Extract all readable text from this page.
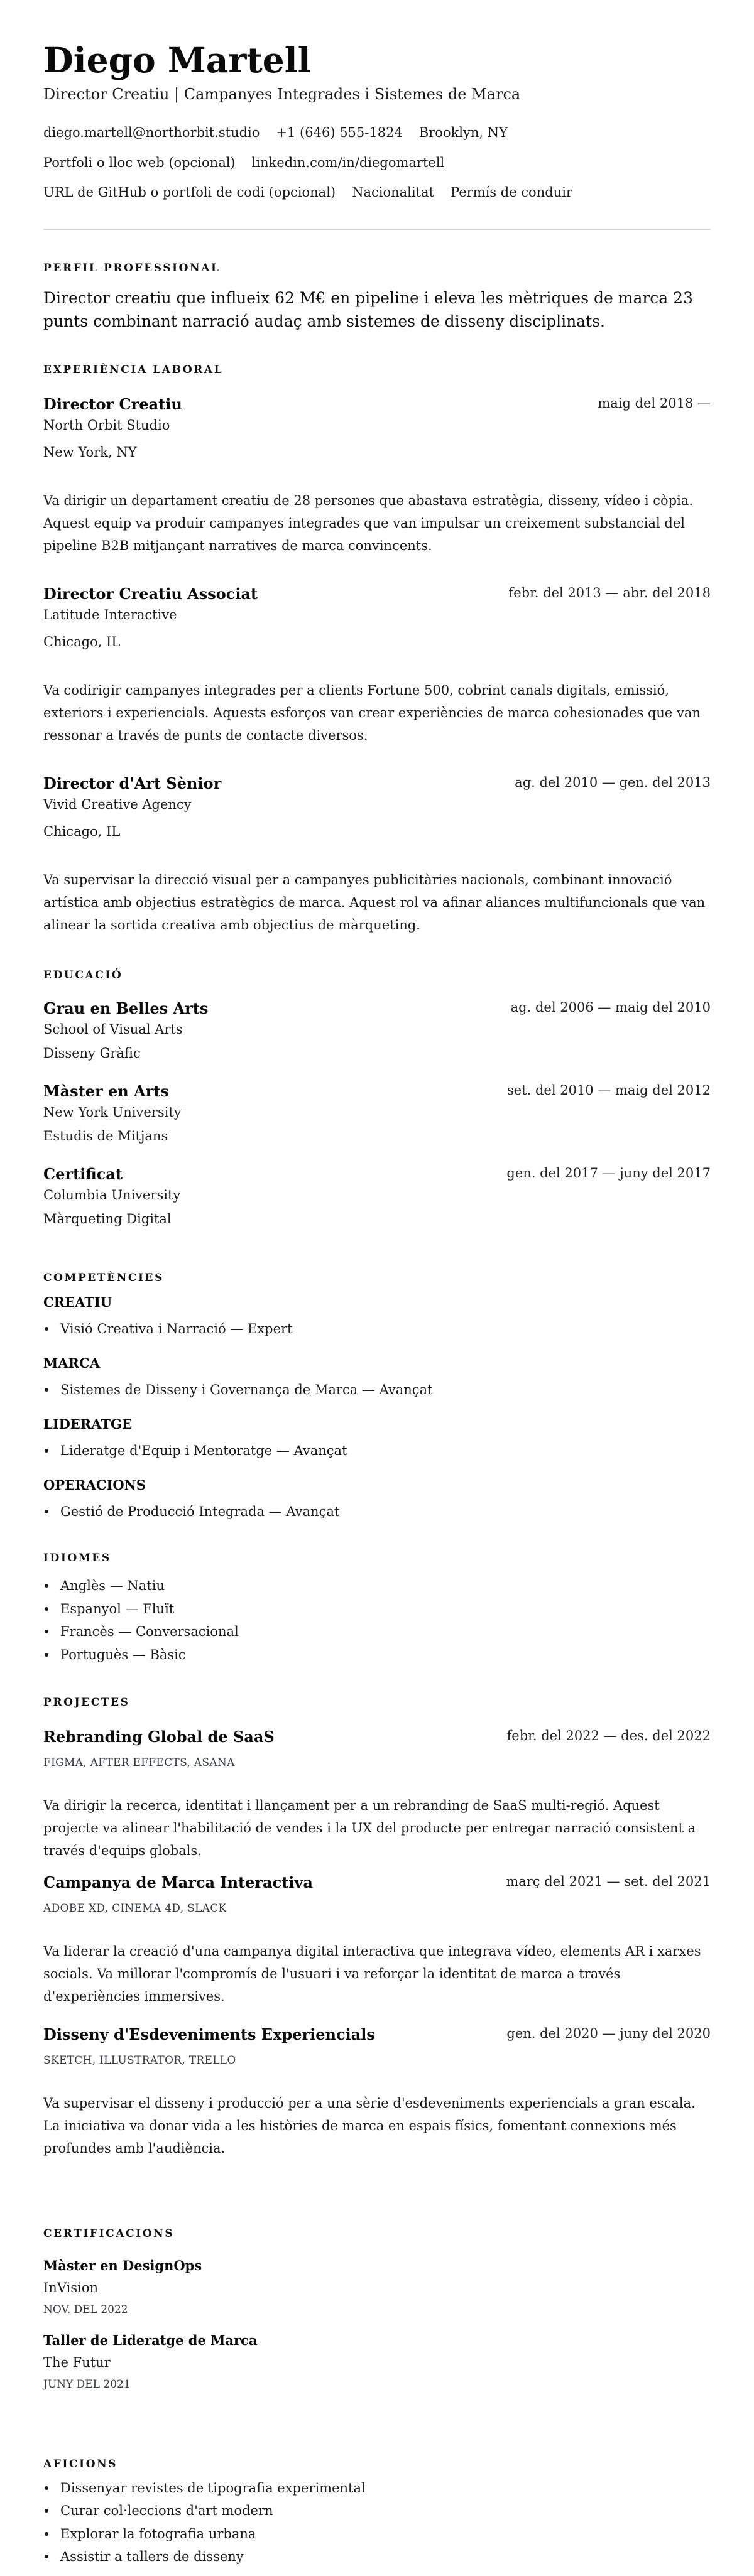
Diego Martell
Director Creatiu | Campanyes Integrades i Sistemes de Marca
diego.martell@northorbit.studio +1 (646) 555-1824 Brooklyn, NY
Portfoli o lloc web (opcional) linkedin.com/in/diegomartell
URL de GitHub o portfoli de codi (opcional) Nacionalitat Permís de conduir
PERFIL PROFESSIONAL
Director creatiu que influeix 62 M€ en pipeline i eleva les mètriques de marca 23 punts combinant narració audaç amb sistemes de disseny disciplinats.
EXPERIÈNCIA LABORAL
Director Creatiu	maig del 2018 —
North Orbit Studio
New York, NY
Va dirigir un departament creatiu de 28 persones que abastava estratègia, disseny, vídeo i còpia. Aquest equip va produir campanyes integrades que van impulsar un creixement substancial del pipeline B2B mitjançant narratives de marca convincents.
Director Creatiu Associat	febr. del 2013 — abr. del 2018
Latitude Interactive
Chicago, IL
Va codirigir campanyes integrades per a clients Fortune 500, cobrint canals digitals, emissió, exteriors i experiencials. Aquests esforços van crear experiències de marca cohesionades que van ressonar a través de punts de contacte diversos.
Director d'Art Sènior	ag. del 2010 — gen. del 2013
Vivid Creative Agency
Chicago, IL
Va supervisar la direcció visual per a campanyes publicitàries nacionals, combinant innovació artística amb objectius estratègics de marca. Aquest rol va afinar aliances multifuncionals que van alinear la sortida creativa amb objectius de màrqueting.
EDUCACIÓ
Grau en Belles Arts	ag. del 2006 — maig del 2010
School of Visual Arts
Disseny Gràfic
Màster en Arts	set. del 2010 — maig del 2012
New York University
Estudis de Mitjans
Certificat	gen. del 2017 — juny del 2017
Columbia University
Màrqueting Digital
COMPETÈNCIES
CREATIU
Visió Creativa i Narració — Expert
MARCA
Sistemes de Disseny i Governança de Marca — Avançat
LIDERATGE
Lideratge d'Equip i Mentoratge — Avançat
OPERACIONS
Gestió de Producció Integrada — Avançat
IDIOMES
Anglès — Natiu
Espanyol — Fluït
Francès — Conversacional
Portuguès — Bàsic
PROJECTES
Rebranding Global de SaaS	febr. del 2022 — des. del 2022
FIGMA, AFTER EFFECTS, ASANA
Va dirigir la recerca, identitat i llançament per a un rebranding de SaaS multi-regió. Aquest projecte va alinear l'habilitació de vendes i la UX del producte per entregar narració consistent a través d'equips globals.
Campanya de Marca Interactiva	març del 2021 — set. del 2021
ADOBE XD, CINEMA 4D, SLACK
Va liderar la creació d'una campanya digital interactiva que integrava vídeo, elements AR i xarxes socials. Va millorar l'compromís de l'usuari i va reforçar la identitat de marca a través d'experiències immersives.
Disseny d'Esdeveniments Experiencials	gen. del 2020 — juny del 2020
SKETCH, ILLUSTRATOR, TRELLO
Va supervisar el disseny i producció per a una sèrie d'esdeveniments experiencials a gran escala. La iniciativa va donar vida a les històries de marca en espais físics, fomentant connexions més profundes amb l'audiència.
CERTIFICACIONS
Màster en DesignOps
InVision
NOV. DEL 2022
Taller de Lideratge de Marca
The Futur
JUNY DEL 2021
AFICIONS
Dissenyar revistes de tipografia experimental
Curar col·leccions d'art modern
Explorar la fotografia urbana
Assistir a tallers de disseny
